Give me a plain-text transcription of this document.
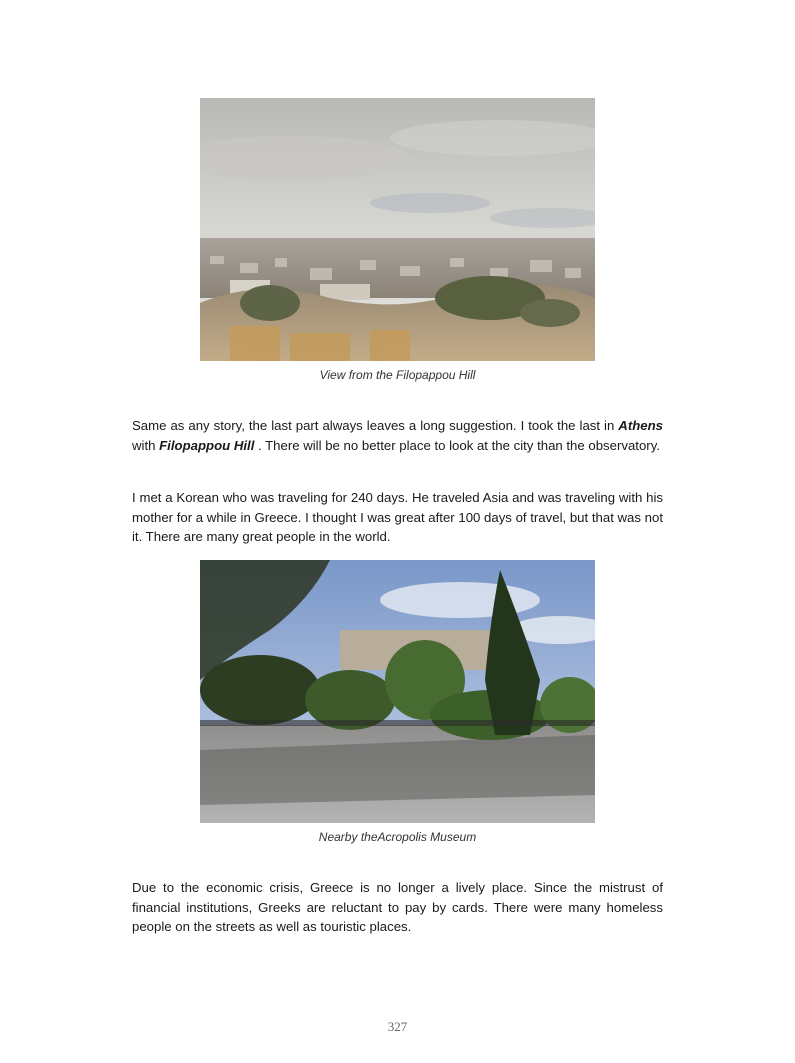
View from the Filopappou Hill

Same as any story, the last part always leaves a long suggestion. I took the last in Athens with Filopappou Hill . There will be no better place to look at the city than the observatory.

I met a Korean who was traveling for 240 days. He traveled Asia and was traveling with his mother for a while in Greece. I thought I was great after 100 days of travel, but that was not it. There are many great people in the world.

Nearby theAcropolis Museum

Due to the economic crisis, Greece is no longer a lively place. Since the mistrust of financial institutions, Greeks are reluctant to pay by cards. There were many homeless people on the streets as well as touristic places.

327
